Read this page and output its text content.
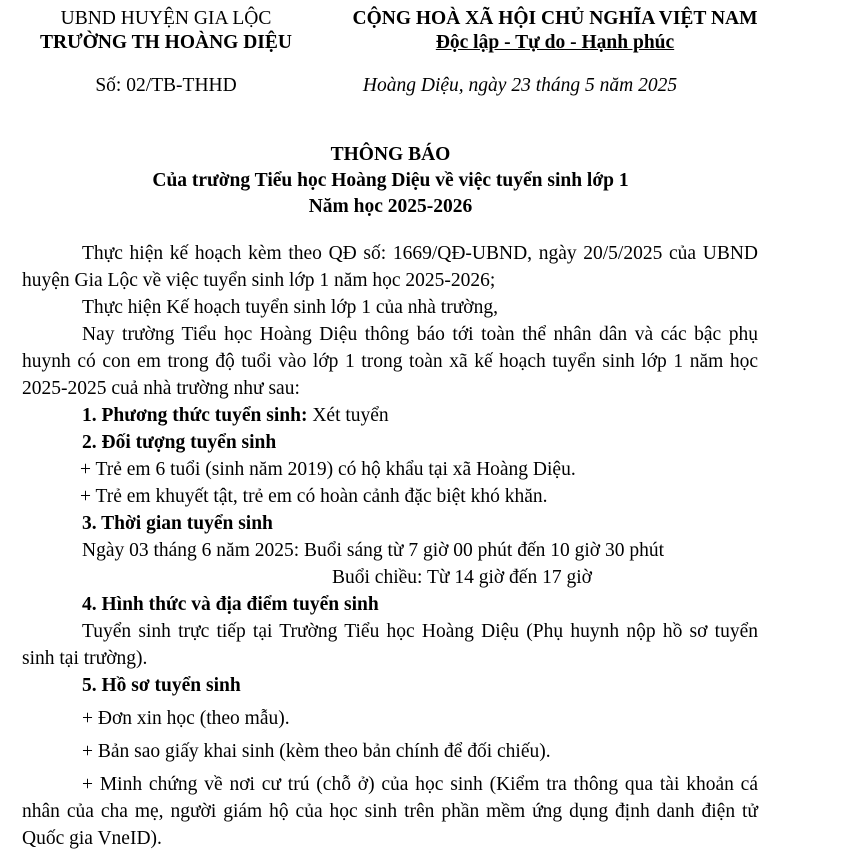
UBND HUYỆN GIA LỘC
TRƯỜNG TH HOÀNG DIỆU
Số: 02/TB-THHD
CỘNG HOÀ XÃ HỘI CHỦ NGHĨA VIỆT NAM
Độc lập - Tự do - Hạnh phúc
Hoàng Diệu, ngày 23 tháng 5 năm 2025
THÔNG BÁO
Của trường Tiểu học Hoàng Diệu về việc tuyển sinh lớp 1
Năm học 2025-2026

Thực hiện kế hoạch kèm theo QĐ số: 1669/QĐ-UBND, ngày 20/5/2025 của UBND huyện Gia Lộc về việc tuyển sinh lớp 1 năm học 2025-2026;

Thực hiện Kế hoạch tuyển sinh lớp 1 của nhà trường,

Nay trường Tiểu học Hoàng Diệu thông báo tới toàn thể nhân dân và các bậc phụ huynh có con em trong độ tuổi vào lớp 1 trong toàn xã kế hoạch tuyển sinh lớp 1 năm học 2025-2025 cuả nhà trường như sau:

1. Phương thức tuyển sinh: Xét tuyển

2. Đối tượng tuyển sinh

+ Trẻ em 6 tuổi (sinh năm 2019) có hộ khẩu tại xã Hoàng Diệu.

+ Trẻ em khuyết tật, trẻ em có hoàn cảnh đặc biệt khó khăn.

3. Thời gian tuyển sinh

Ngày 03 tháng 6 năm 2025: Buổi sáng từ 7 giờ 00 phút đến 10 giờ 30 phút

Buổi chiều: Từ 14 giờ đến 17 giờ

4. Hình thức và địa điểm tuyển sinh

Tuyển sinh trực tiếp tại Trường Tiểu học Hoàng Diệu (Phụ huynh nộp hồ sơ tuyển sinh tại trường).

5. Hồ sơ tuyển sinh

+ Đơn xin học (theo mẫu).

+ Bản sao giấy khai sinh (kèm theo bản chính để đối chiếu).

+ Minh chứng về nơi cư trú (chỗ ở) của học sinh (Kiểm tra thông qua tài khoản cá nhân của cha mẹ, người giám hộ của học sinh trên phần mềm ứng dụng định danh điện tử Quốc gia VneID).
